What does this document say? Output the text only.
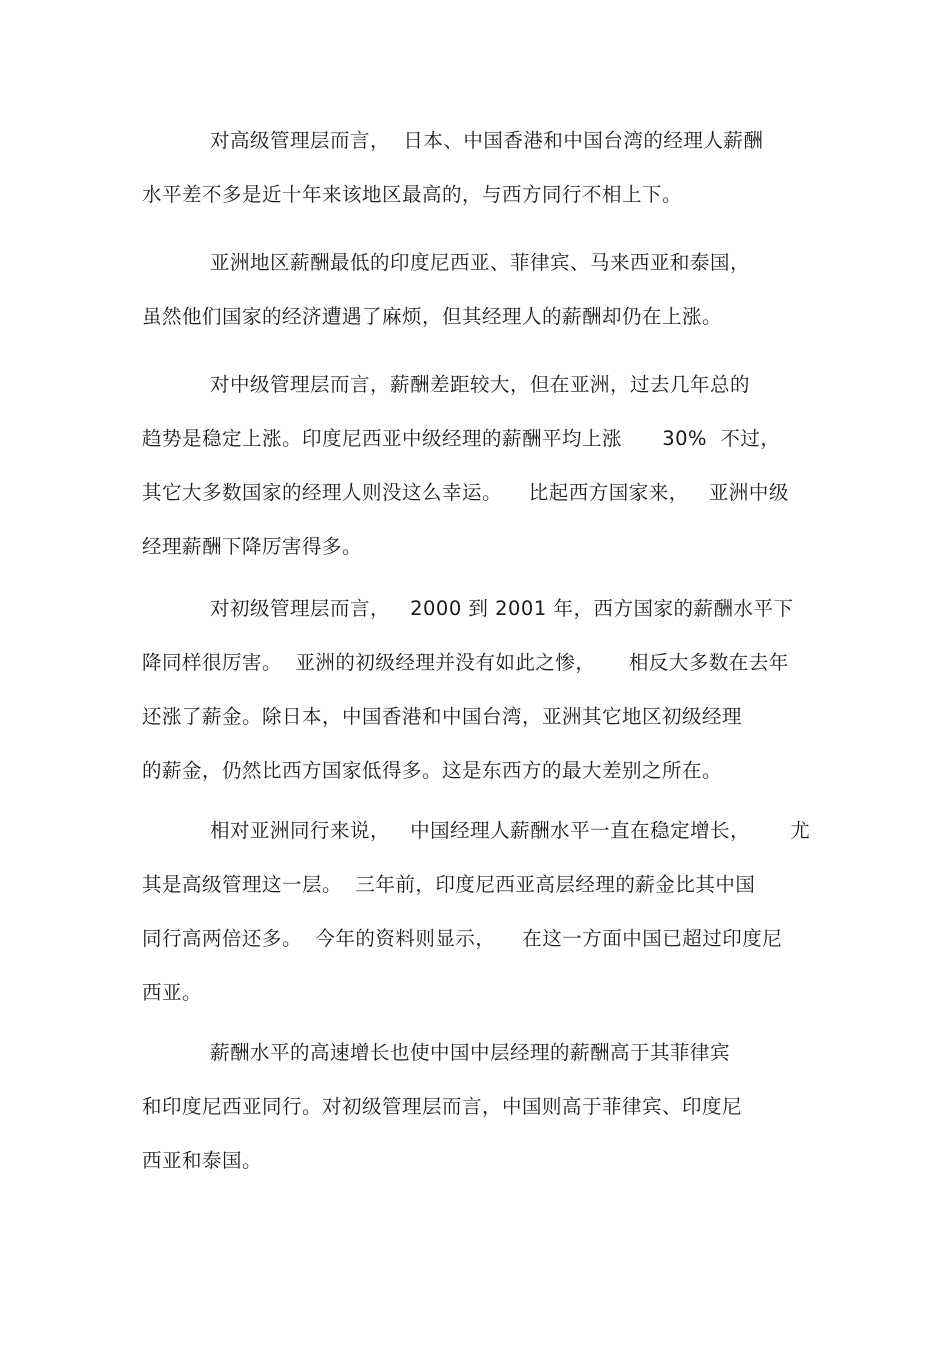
对高级管理层而言，  日本、中国香港和中国台湾的经理人薪酬
水平差不多是近十年来该地区最高的，与西方同行不相上下。
亚洲地区薪酬最低的印度尼西亚、菲律宾、马来西亚和泰国，
虽然他们国家的经济遭遇了麻烦，但其经理人的薪酬却仍在上涨。
对中级管理层而言，薪酬差距较大，但在亚洲，过去几年总的
趋势是稳定上涨。印度尼西亚中级经理的薪酬平均上涨      30%  不过，
其它大多数国家的经理人则没这么幸运。    比起西方国家来，   亚洲中级
经理薪酬下降厉害得多。
对初级管理层而言，   2000 到 2001 年，西方国家的薪酬水平下
降同样很厉害。  亚洲的初级经理并没有如此之惨，     相反大多数在去年
还涨了薪金。除日本，中国香港和中国台湾，亚洲其它地区初级经理
的薪金，仍然比西方国家低得多。这是东西方的最大差别之所在。
相对亚洲同行来说，   中国经理人薪酬水平一直在稳定增长，      尤
其是高级管理这一层。  三年前，印度尼西亚高层经理的薪金比其中国
同行高两倍还多。  今年的资料则显示，    在这一方面中国已超过印度尼
西亚。
薪酬水平的高速增长也使中国中层经理的薪酬高于其菲律宾
和印度尼西亚同行。对初级管理层而言，中国则高于菲律宾、印度尼
西亚和泰国。
